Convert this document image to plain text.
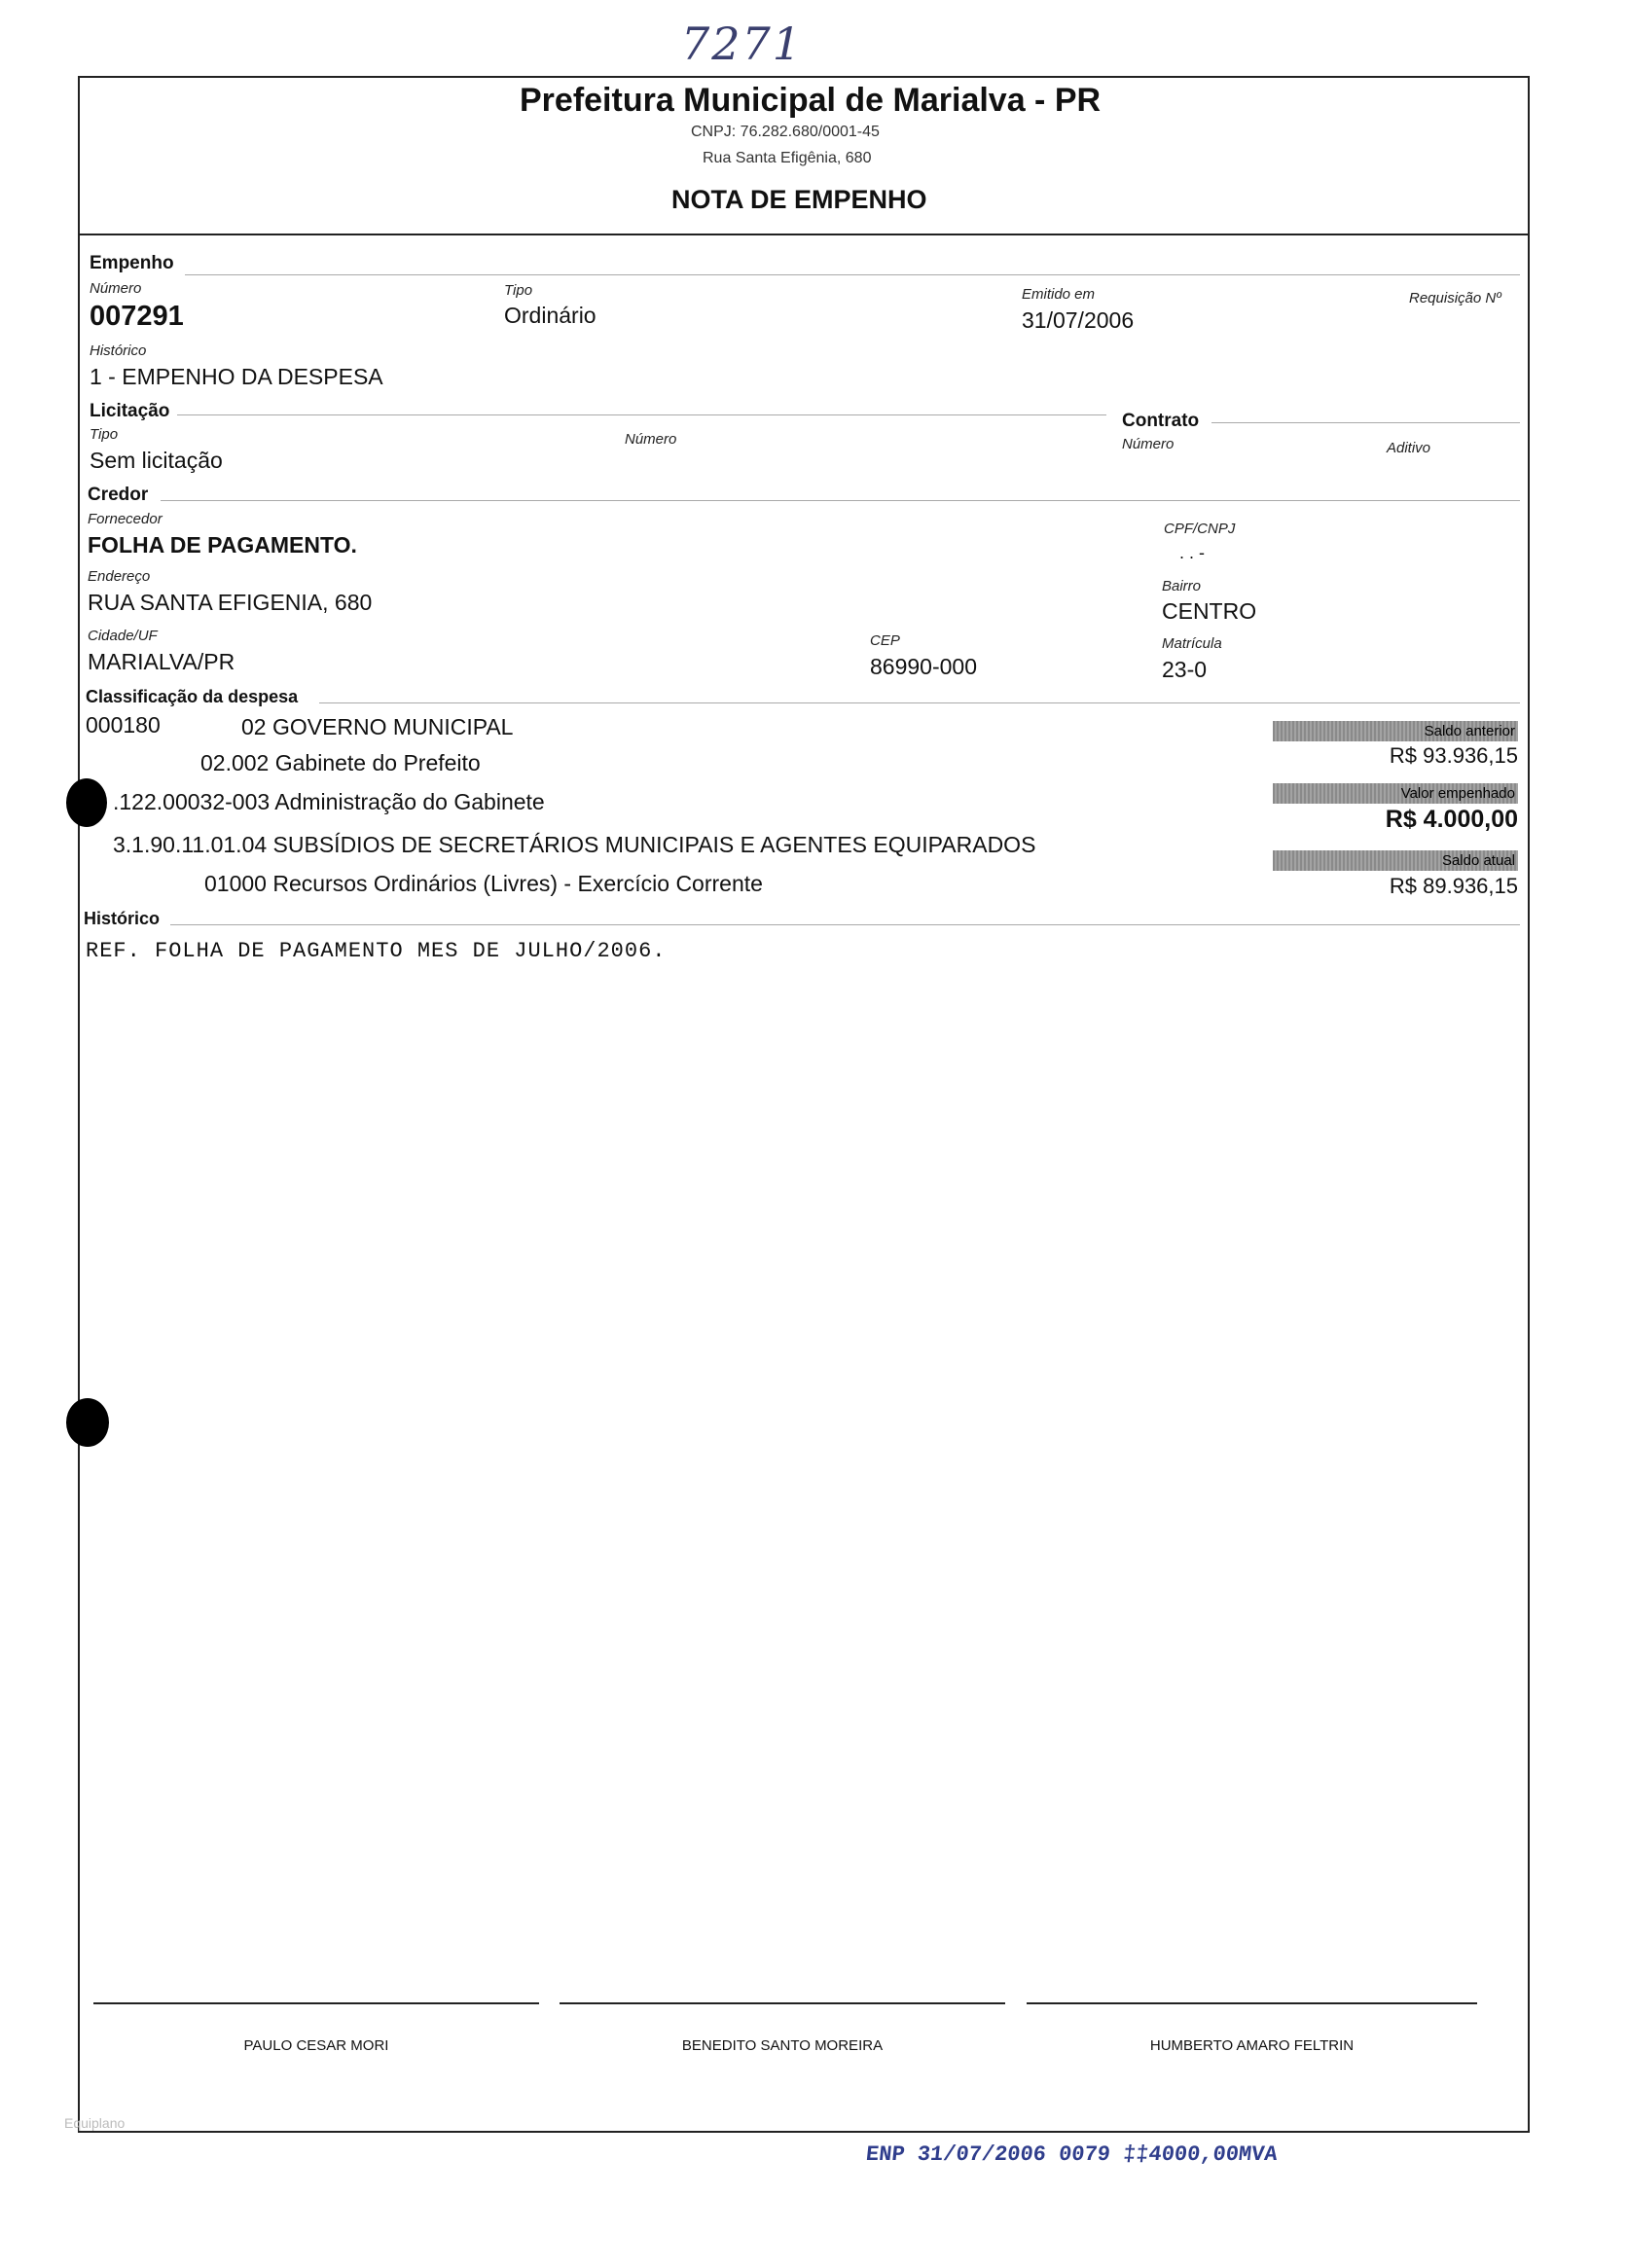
7271
Prefeitura Municipal de Marialva - PR
CNPJ: 76.282.680/0001-45
Rua Santa Efigênia, 680
NOTA DE EMPENHO
Empenho
Número
007291
Tipo
Ordinário
Emitido em
31/07/2006
Requisição Nº
Histórico
1 - EMPENHO DA DESPESA
Licitação	Contrato
Tipo
Sem licitação
Número	Número	Aditivo
Credor
Fornecedor
FOLHA DE PAGAMENTO.
CPF/CNPJ
. . -
Endereço
RUA SANTA EFIGENIA, 680
Bairro
CENTRO
Cidade/UF
MARIALVA/PR
CEP
86990-000
Matrícula
23-0
Classificação da despesa
000180	02 GOVERNO MUNICIPAL
02.002 Gabinete do Prefeito
.122.00032-003 Administração do Gabinete
3.1.90.11.01.04 SUBSÍDIOS DE SECRETÁRIOS MUNICIPAIS E AGENTES EQUIPARADOS
01000 Recursos Ordinários (Livres) - Exercício Corrente
Saldo anterior
R$ 93.936,15
Valor empenhado
R$ 4.000,00
Saldo atual
R$ 89.936,15
Histórico
REF. FOLHA DE PAGAMENTO MES DE JULHO/2006.
PAULO CESAR MORI	BENEDITO SANTO MOREIRA	HUMBERTO AMARO FELTRIN
Equiplano
ENP 31/07/2006 0079 ‡‡4000,00MVA
